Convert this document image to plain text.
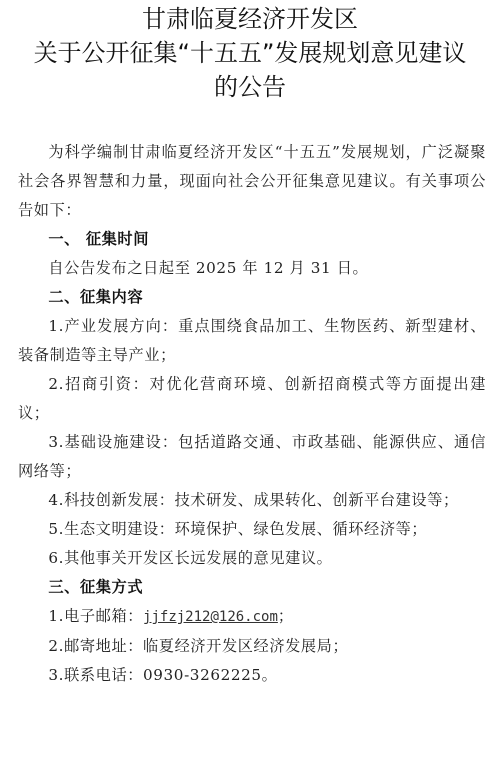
甘肃临夏经济开发区
关于公开征集“十五五”发展规划意见建议
的公告

为科学编制甘肃临夏经济开发区“十五五”发展规划，广泛凝聚社会各界智慧和力量，现面向社会公开征集意见建议。有关事项公告如下：

一、 征集时间

自公告发布之日起至 2025 年 12 月 31 日。

二、征集内容

1.产业发展方向：重点围绕食品加工、生物医药、新型建材、装备制造等主导产业；

2.招商引资：对优化营商环境、创新招商模式等方面提出建议；

3.基础设施建设：包括道路交通、市政基础、能源供应、通信网络等；

4.科技创新发展：技术研发、成果转化、创新平台建设等；

5.生态文明建设：环境保护、绿色发展、循环经济等；

6.其他事关开发区长远发展的意见建议。

三、征集方式

1.电子邮箱：jjfzj212@126.com；

2.邮寄地址：临夏经济开发区经济发展局；

3.联系电话：0930-3262225。
